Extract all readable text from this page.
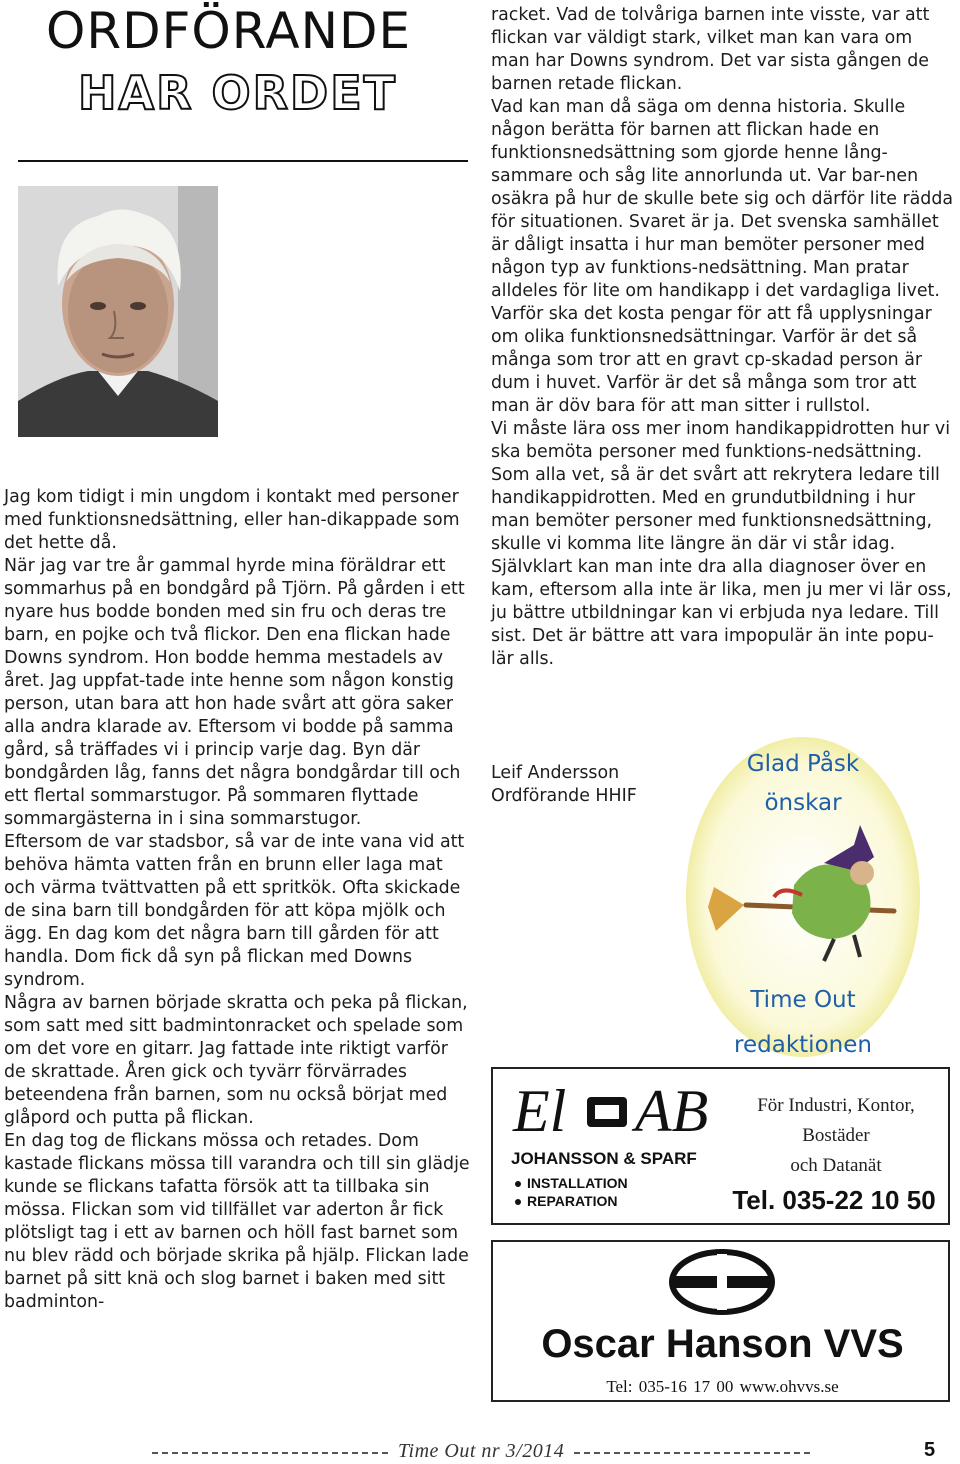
ORDFÖRANDE
HAR ORDET

Jag kom tidigt i min ungdom i kontakt med personer med funktionsnedsättning, eller han-dikappade som det hette då.

När jag var tre år gammal hyrde mina föräldrar ett sommarhus på en bondgård på Tjörn. På gården i ett nyare hus bodde bonden med sin fru och deras tre barn, en pojke och två flickor. Den ena flickan hade Downs syndrom. Hon bodde hemma mestadels av året. Jag uppfat-tade inte henne som någon konstig person, utan bara att hon hade svårt att göra saker alla andra klarade av. Eftersom vi bodde på samma gård, så träffades vi i princip varje dag. Byn där bondgården låg, fanns det några bondgårdar till och ett flertal sommarstugor. På sommaren flyttade sommargästerna in i sina sommarstugor.

Eftersom de var stadsbor, så var de inte vana vid att behöva hämta vatten från en brunn eller laga mat och värma tvättvatten på ett spritkök. Ofta skickade de sina barn till bondgården för att köpa mjölk och ägg. En dag kom det några barn till gården för att handla. Dom fick då syn på flickan med Downs syndrom.

Några av barnen började skratta och peka på flickan, som satt med sitt badmintonracket och spelade som om det vore en gitarr. Jag fattade inte riktigt varför de skrattade. Åren gick och tyvärr förvärrades beteendena från barnen, som nu också börjat med glåpord och putta på flickan.

En dag tog de flickans mössa och retades. Dom kastade flickans mössa till varandra och till sin glädje kunde se flickans tafatta försök att ta tillbaka sin mössa. Flickan som vid tillfället var aderton år fick plötsligt tag i ett av barnen och höll fast barnet som nu blev rädd och började skrika på hjälp. Flickan lade barnet på sitt knä och slog barnet i baken med sitt badminton-

racket. Vad de tolvåriga barnen inte visste, var att flickan var väldigt stark, vilket man kan vara om man har Downs syndrom. Det var sista gången de barnen retade flickan.

Vad kan man då säga om denna historia. Skulle någon berätta för barnen att flickan hade en funktionsnedsättning som gjorde henne lång-sammare och såg lite annorlunda ut. Var bar-nen osäkra på hur de skulle bete sig och därför lite rädda för situationen. Svaret är ja. Det svenska samhället är dåligt insatta i hur man bemöter personer med någon typ av funktions-nedsättning. Man pratar alldeles för lite om handikapp i det vardagliga livet. Varför ska det kosta pengar för att få upplysningar om olika funktionsnedsättningar. Varför är det så många som tror att en gravt cp-skadad person är dum i huvet. Varför är det så många som tror att man är döv bara för att man sitter i rullstol.

Vi måste lära oss mer inom handikappidrotten hur vi ska bemöta personer med funktions-nedsättning. Som alla vet, så är det svårt att rekrytera ledare till handikappidrotten. Med en grundutbildning i hur man bemöter personer med funktionsnedsättning, skulle vi komma lite längre än där vi står idag. Självklart kan man inte dra alla diagnoser över en kam, eftersom alla inte är lika, men ju mer vi lär oss, ju bättre utbildningar kan vi erbjuda nya ledare. Till sist. Det är bättre att vara impopulär än inte popu-lär alls.

Leif Andersson
Ordförande HHIF
Glad Påsk
önskar
Time Out
redaktionen
El AB
JOHANSSON & SPARF
INSTALLATION
REPARATION
För Industri, Kontor,
Bostäder
och Datanät
Tel. 035-22 10 50
Oscar Hanson VVS
Tel: 035-16 17 00 www.ohvvs.se
Time Out nr 3/2014	5
